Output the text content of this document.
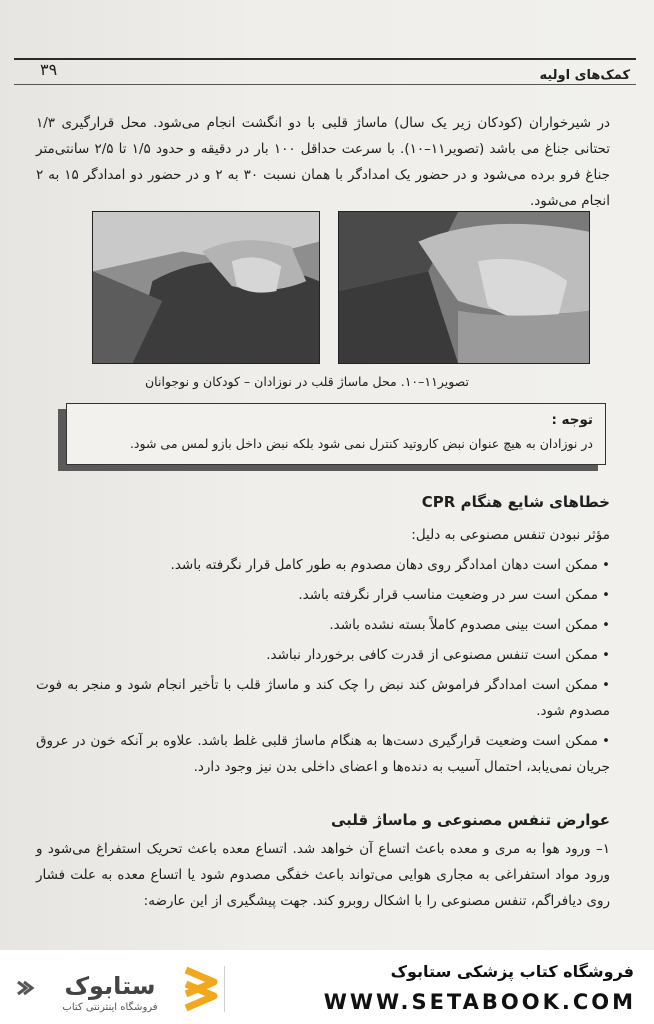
۳۹	کمک‌های اولیه

در شیرخواران (کودکان زیر یک سال) ماساژ قلبی با دو انگشت انجام می‌شود. محل قرارگیری ۱/۳ تحتانی جناغ می باشد (تصویر۱۱–۱۰). با سرعت حداقل ۱۰۰ بار در دقیقه و حدود ۱/۵ تا ۲/۵ سانتی‌متر جناغ فرو برده می‌شود و در حضور یک امدادگر با همان نسبت ۳۰ به ۲ و در حضور دو امدادگر ۱۵ به ۲ انجام می‌شود.

تصویر۱۱–۱۰. محل ماساژ قلب در نوزادان – کودکان و نوجوانان
توجه :
در نوزادان به هیچ عنوان نبض کاروتید کنترل نمی شود بلکه نبض داخل بازو لمس می شود.
خطاهای شایع هنگام CPR
مؤثر نبودن تنفس مصنوعی به دلیل:
•ممکن است دهان امدادگر روی دهان مصدوم به طور کامل قرار نگرفته باشد.
•ممکن است سر در وضعیت مناسب قرار نگرفته باشد.
•ممکن است بینی مصدوم کاملاً بسته نشده باشد.
•ممکن است تنفس مصنوعی از قدرت کافی برخوردار نباشد.
•ممکن است امدادگر فراموش کند نبض را چک کند و ماساژ قلب با تأخیر انجام شود و منجر به فوت مصدوم شود.
•ممکن است وضعیت قرارگیری دست‌ها به هنگام ماساژ قلبی غلط باشد. علاوه بر آنکه خون در عروق جریان نمی‌یابد، احتمال آسیب به دنده‌ها و اعضای داخلی بدن نیز وجود دارد.
عوارض تنفس مصنوعی و ماساژ قلبی

۱– ورود هوا به مری و معده باعث اتساع آن خواهد شد. اتساع معده باعث تحریک استفراغ می‌شود و ورود مواد استفراغی به مجاری هوایی می‌تواند باعث خفگی مصدوم شود یا اتساع معده به علت فشار روی دیافراگم، تنفس مصنوعی را با اشکال روبرو کند. جهت پیشگیری از این عارضه:

ستابوک
فروشگاه اینترنتی کتاب
فروشگاه کتاب پزشکی ستابوک
WWW.SETABOOK.COM
